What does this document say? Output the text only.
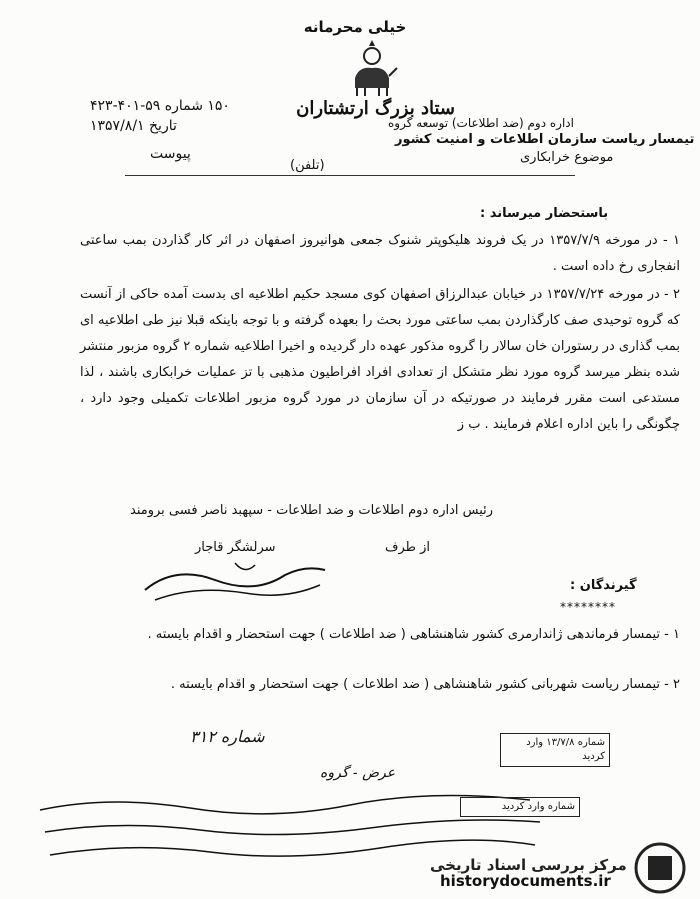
خیلی محرمانه
ستاد بزرگ ارتشتاران
اداره دوم (ضد اطلاعات) توسعه گروه
تیمسار ریاست سازمان اطلاعات و امنیت کشور
موضوع خرابکاری
(تلفن)
۱۵۰ شماره ۵۹-۴۰۱-۴۲۳
تاریخ ۱۳۵۷/۸/۱
پیوست
باستحضار میرساند :
۱ - در مورخه ۱۳۵۷/۷/۹ در یک فروند هلیکوپتر شنوک جمعی هوانیروز اصفهان در اثر کار گذاردن بمب ساعتی انفجاری رخ داده است .
۲ - در مورخه ۱۳۵۷/۷/۲۴ در خیابان عبدالرزاق اصفهان کوی مسجد حکیم اطلاعیه ای بدست آمده حاکی از آنست که گروه توحیدی صف کارگذاردن بمب ساعتی مورد بحث را بعهده گرفته و با توجه باینکه قبلا نیز طی اطلاعیه ای بمب گذاری در رستوران خان سالار را گروه مذکور عهده دار گردیده و اخیرا اطلاعیه شماره ۲ گروه مزبور منتشر شده بنظر میرسد گروه مورد نظر متشکل از تعدادی افراد افراطیون مذهبی با تز عملیات خرابکاری باشند ، لذا مستدعی است مقرر فرمایند در صورتیکه در آن سازمان در مورد گروه مزبور اطلاعات تکمیلی وجود دارد ، چگونگی را باین اداره اعلام فرمایند . ب ز
رئیس اداره دوم اطلاعات و ضد اطلاعات - سپهبد ناصر فسی برومند
از طرف
سرلشگر قاجار
گیرندگان :
********
۱ - تیمسار فرماندهی ژاندارمری کشور شاهنشاهی ( ضد اطلاعات ) جهت استحضار و اقدام بایسته .
۲ - تیمسار ریاست شهربانی کشور شاهنشاهی ( ضد اطلاعات ) جهت استحضار و اقدام بایسته .
شماره ۳۱۲
عرض - گروه
شماره ۱۳/۷/۸ وارد کردید
شماره وارد کردید
مرکز بررسی اسناد تاریخی
historydocuments.ir
